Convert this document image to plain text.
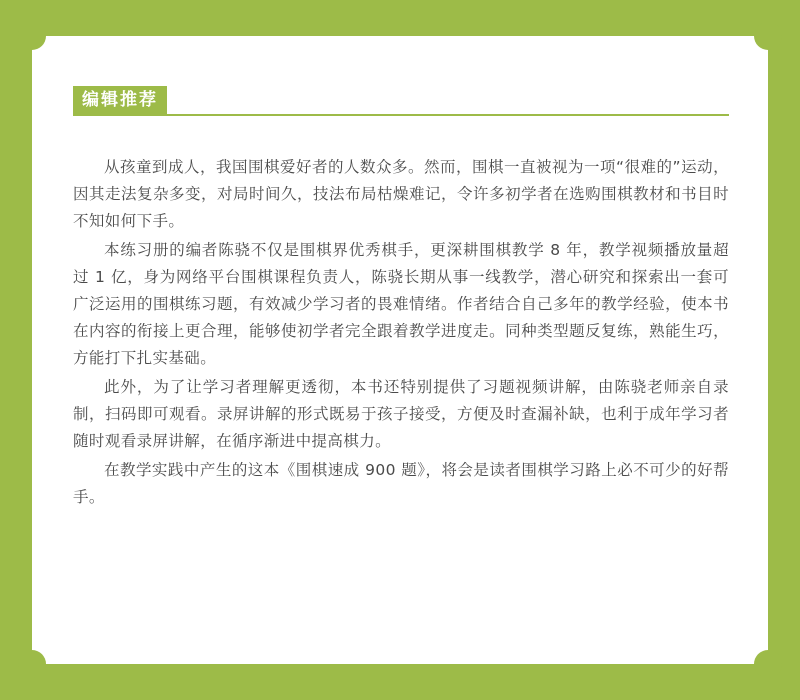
编辑推荐

从孩童到成人，我国围棋爱好者的人数众多。然而，围棋一直被视为一项“很难的”运动，因其走法复杂多变，对局时间久，技法布局枯燥难记，令许多初学者在选购围棋教材和书目时不知如何下手。

本练习册的编者陈骁不仅是围棋界优秀棋手，更深耕围棋教学 8 年，教学视频播放量超过 1 亿，身为网络平台围棋课程负责人，陈骁长期从事一线教学，潜心研究和探索出一套可广泛运用的围棋练习题，有效减少学习者的畏难情绪。作者结合自己多年的教学经验，使本书在内容的衔接上更合理，能够使初学者完全跟着教学进度走。同种类型题反复练，熟能生巧，方能打下扎实基础。

此外，为了让学习者理解更透彻，本书还特别提供了习题视频讲解，由陈骁老师亲自录制，扫码即可观看。录屏讲解的形式既易于孩子接受，方便及时查漏补缺，也利于成年学习者随时观看录屏讲解，在循序渐进中提高棋力。

在教学实践中产生的这本《围棋速成 900 题》，将会是读者围棋学习路上必不可少的好帮手。
